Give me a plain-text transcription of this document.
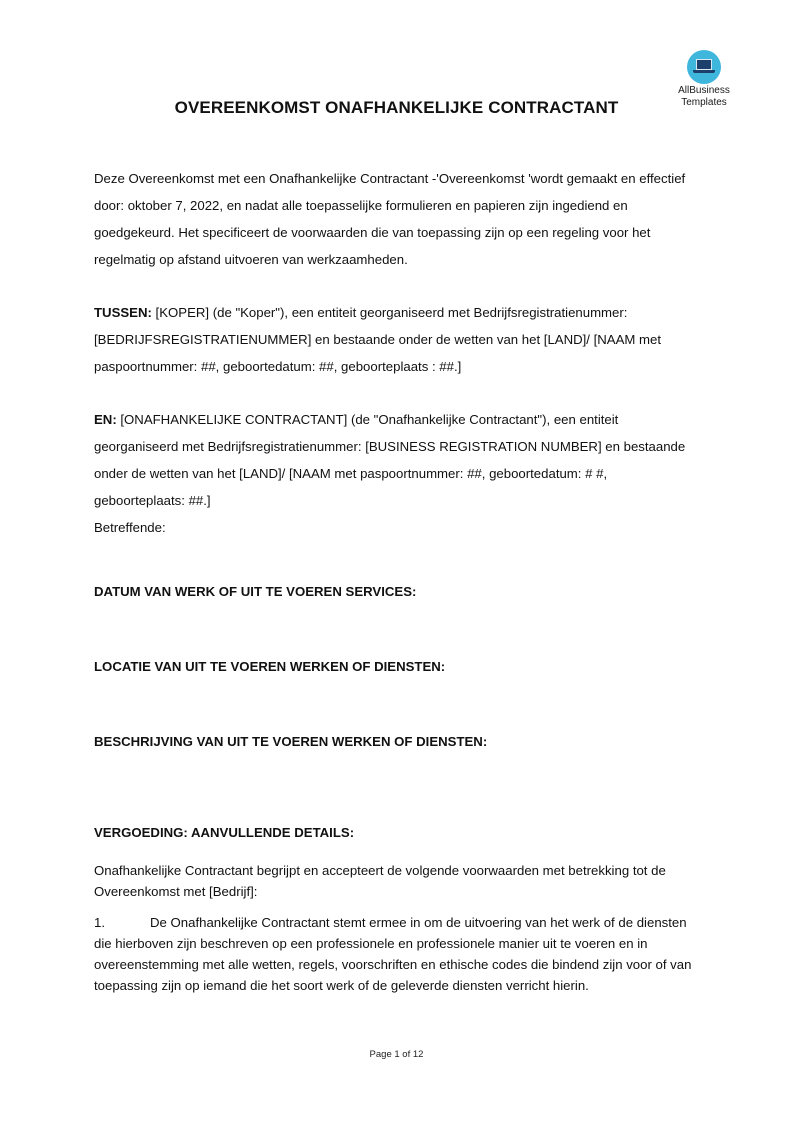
AllBusiness
Templates
OVEREENKOMST ONAFHANKELIJKE CONTRACTANT
Deze Overeenkomst met een Onafhankelijke Contractant -'Overeenkomst 'wordt gemaakt en effectief door: oktober 7, 2022, en nadat alle toepasselijke formulieren en papieren zijn ingediend en goedgekeurd. Het specificeert de voorwaarden die van toepassing zijn op een regeling voor het regelmatig op afstand uitvoeren van werkzaamheden.
TUSSEN: [KOPER] (de "Koper"), een entiteit georganiseerd met Bedrijfsregistratienummer: [BEDRIJFSREGISTRATIENUMMER] en bestaande onder de wetten van het [LAND]/ [NAAM met paspoortnummer: ##, geboortedatum: ##, geboorteplaats : ##.]
EN: [ONAFHANKELIJKE CONTRACTANT] (de "Onafhankelijke Contractant"), een entiteit georganiseerd met Bedrijfsregistratienummer: [BUSINESS REGISTRATION NUMBER] en bestaande onder de wetten van het [LAND]/ [NAAM met paspoortnummer: ##, geboortedatum: # #, geboorteplaats: ##.]
Betreffende:
DATUM VAN WERK OF UIT TE VOEREN SERVICES:
LOCATIE VAN UIT TE VOEREN WERKEN OF DIENSTEN:
BESCHRIJVING VAN UIT TE VOEREN WERKEN OF DIENSTEN:
VERGOEDING: AANVULLENDE DETAILS:
Onafhankelijke Contractant begrijpt en accepteert de volgende voorwaarden met betrekking tot de Overeenkomst met [Bedrijf]:
1.	De Onafhankelijke Contractant stemt ermee in om de uitvoering van het werk of de diensten die hierboven zijn beschreven op een professionele en professionele manier uit te voeren en in overeenstemming met alle wetten, regels, voorschriften en ethische codes die bindend zijn voor of van toepassing zijn op iemand die het soort werk of de geleverde diensten verricht hierin.
Page 1 of 12
